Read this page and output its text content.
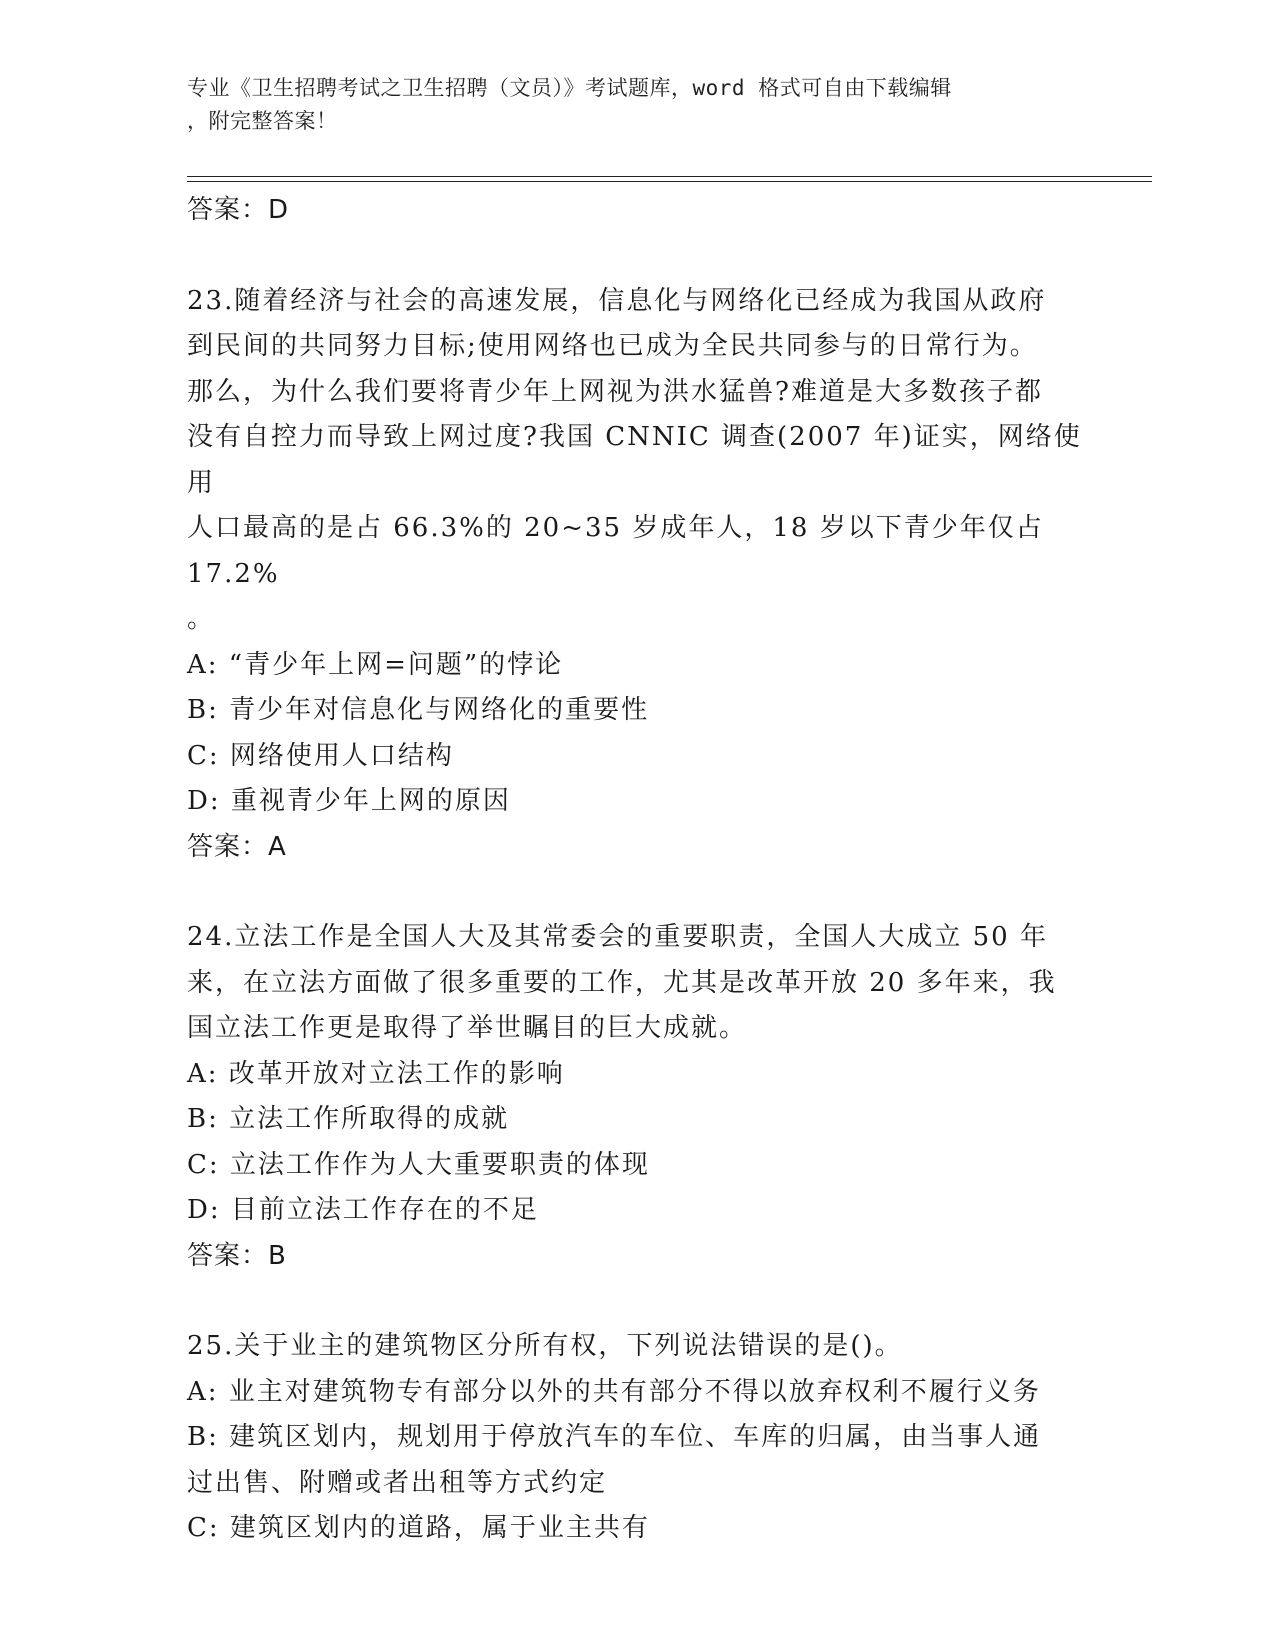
专业《卫生招聘考试之卫生招聘（文员）》考试题库，word 格式可自由下载编辑
，附完整答案！

答案：D

23.随着经济与社会的高速发展，信息化与网络化已经成为我国从政府

到民间的共同努力目标;使用网络也已成为全民共同参与的日常行为。

那么，为什么我们要将青少年上网视为洪水猛兽?难道是大多数孩子都

没有自控力而导致上网过度?我国 CNNIC 调查(2007 年)证实，网络使用

人口最高的是占 66.3%的 20~35 岁成年人，18 岁以下青少年仅占 17.2%

。

A: “青少年上网=问题”的悖论

B: 青少年对信息化与网络化的重要性

C: 网络使用人口结构

D: 重视青少年上网的原因

答案：A

24.立法工作是全国人大及其常委会的重要职责，全国人大成立 50 年

来，在立法方面做了很多重要的工作，尤其是改革开放 20 多年来，我

国立法工作更是取得了举世瞩目的巨大成就。

A: 改革开放对立法工作的影响

B: 立法工作所取得的成就

C: 立法工作作为人大重要职责的体现

D: 目前立法工作存在的不足

答案：B

25.关于业主的建筑物区分所有权，下列说法错误的是()。

A: 业主对建筑物专有部分以外的共有部分不得以放弃权利不履行义务

B: 建筑区划内，规划用于停放汽车的车位、车库的归属，由当事人通

过出售、附赠或者出租等方式约定

C: 建筑区划内的道路，属于业主共有
